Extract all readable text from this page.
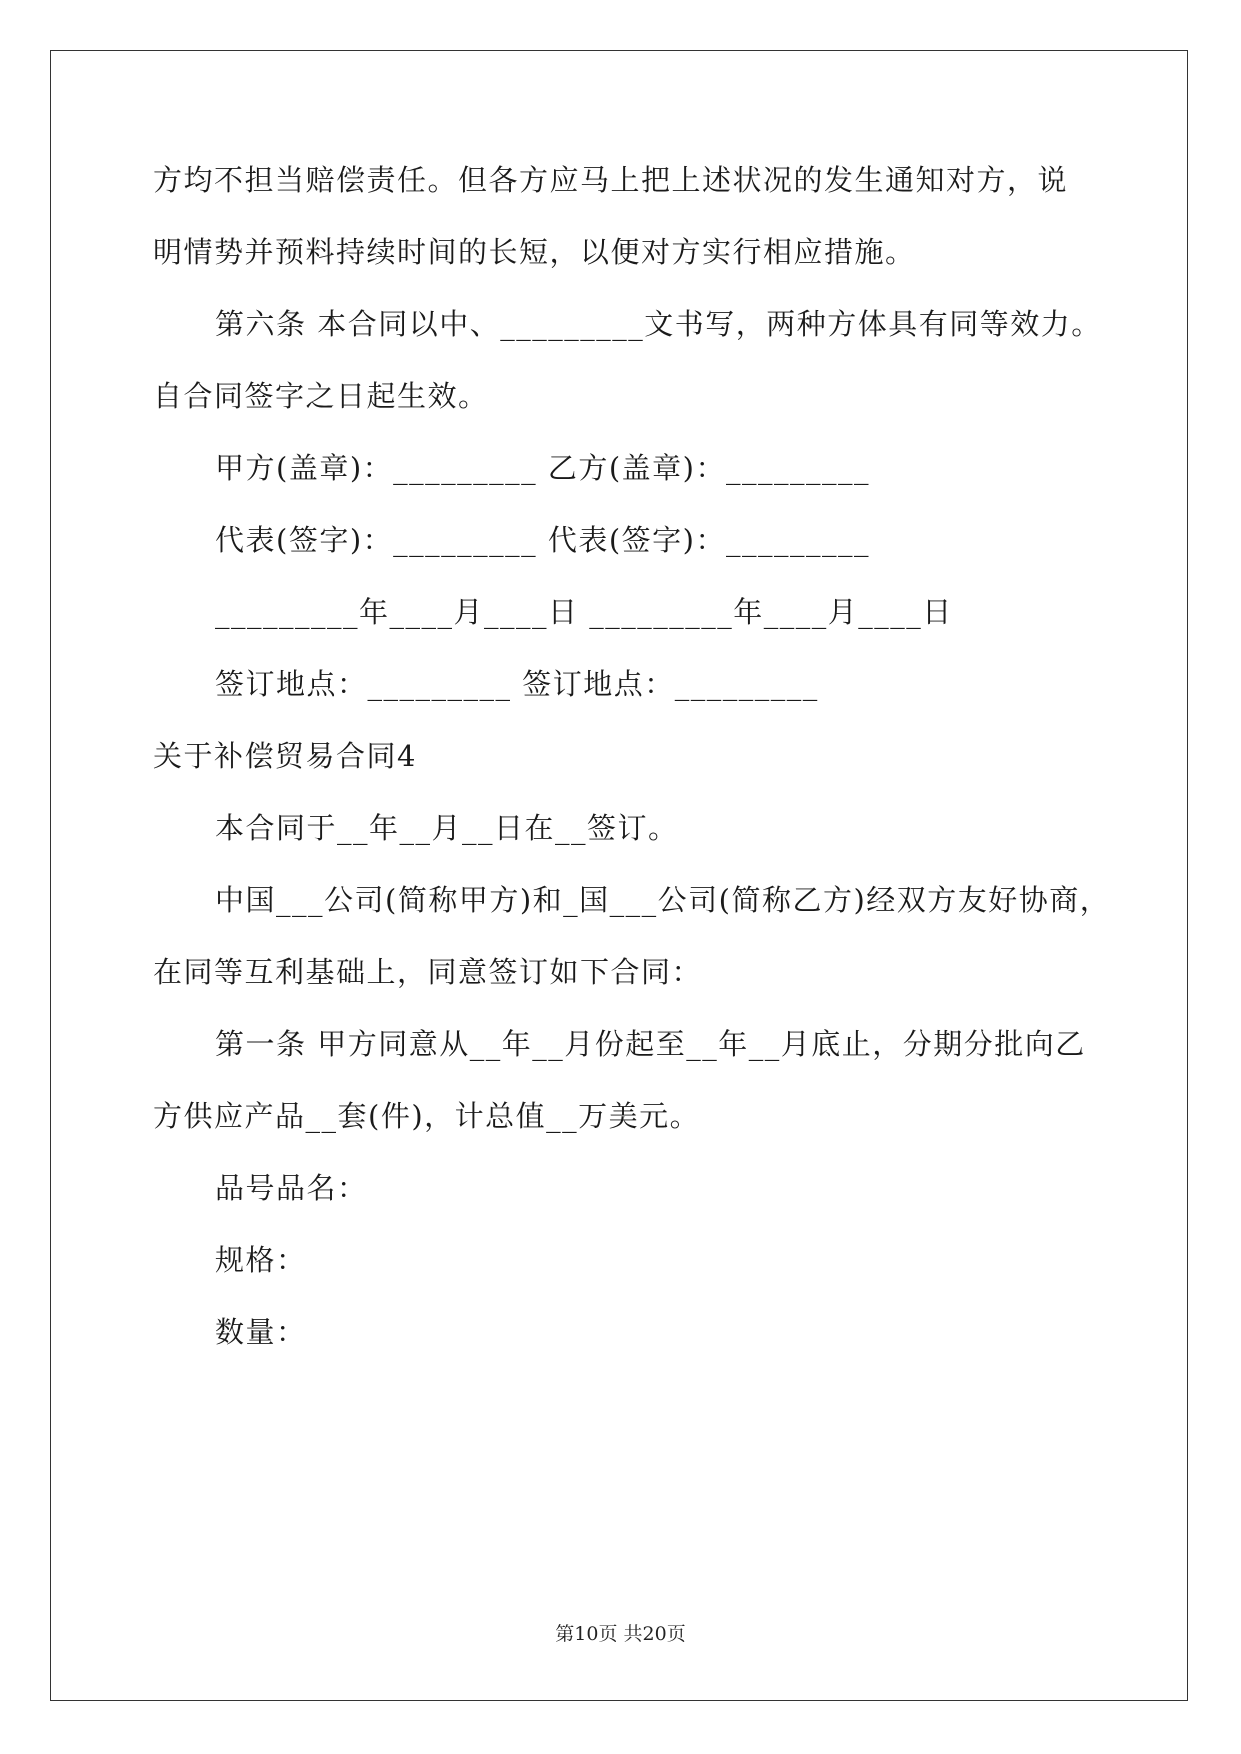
方均不担当赔偿责任。但各方应马上把上述状况的发生通知对方，说
明情势并预料持续时间的长短，以便对方实行相应措施。
第六条 本合同以中、_________文书写，两种方体具有同等效力。
自合同签字之日起生效。
甲方(盖章)：_________ 乙方(盖章)：_________
代表(签字)：_________ 代表(签字)：_________
_________年____月____日 _________年____月____日
签订地点：_________ 签订地点：_________
关于补偿贸易合同4
本合同于__年__月__日在__签订。
中国___公司(简称甲方)和_国___公司(简称乙方)经双方友好协商，
在同等互利基础上，同意签订如下合同：
第一条 甲方同意从__年__月份起至__年__月底止，分期分批向乙
方供应产品__套(件)，计总值__万美元。
品号品名：
规格：
数量：
第10页 共20页
